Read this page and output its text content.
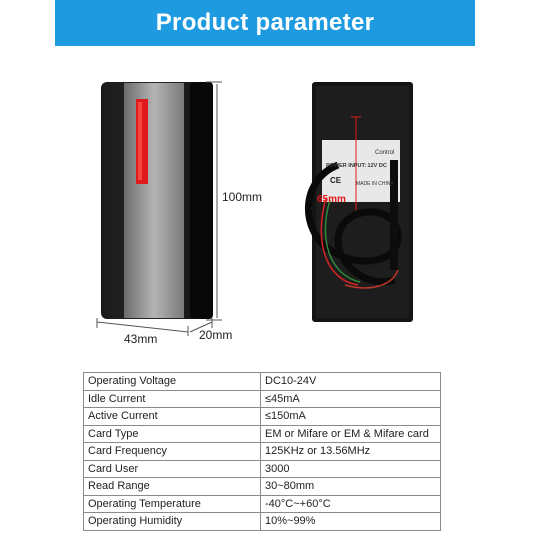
Product parameter
Control
POWER INPUT: 12V DC
CE	MADE IN CHINA
65mm
100mm
43mm	20mm
Operating Voltage	DC10-24V
Idle Current	≤45mA
Active Current	≤150mA
Card Type	EM or Mifare or EM & Mifare card
Card Frequency	125KHz or 13.56MHz
Card User	3000
Read Range	30~80mm
Operating Temperature	-40°C~+60°C
Operating Humidity	10%~99%
